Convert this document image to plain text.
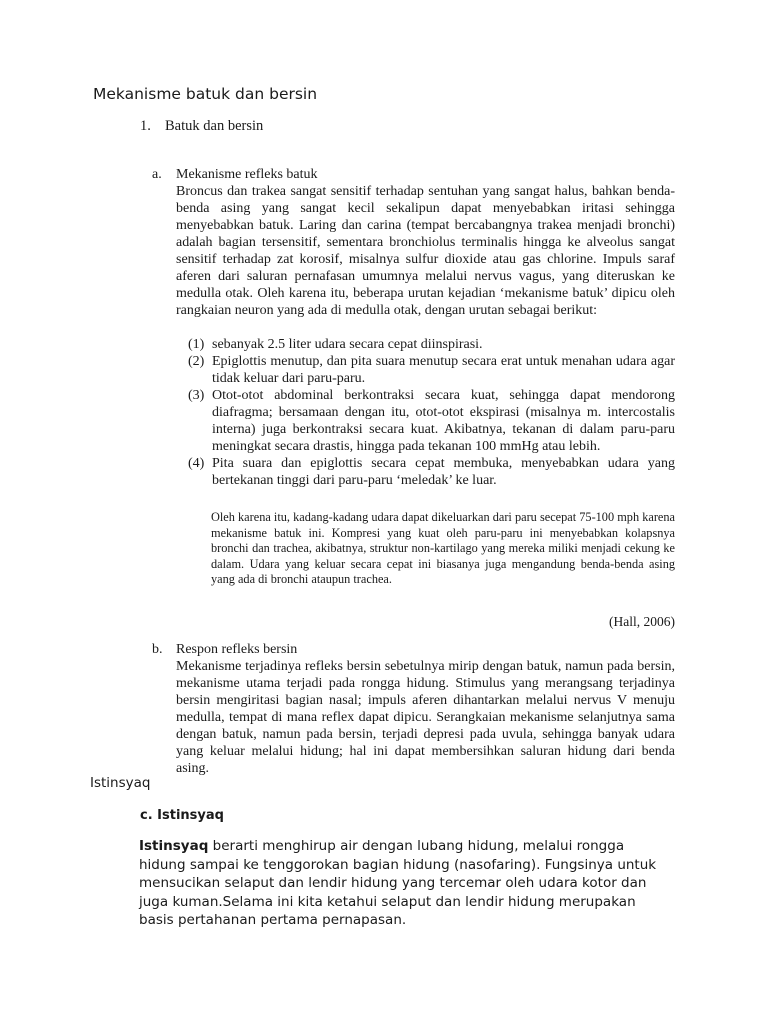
Mekanisme batuk dan bersin
1. Batuk dan bersin
a. Mekanisme refleks batuk
Broncus dan trakea sangat sensitif terhadap sentuhan yang sangat halus, bahkan benda-benda asing yang sangat kecil sekalipun dapat menyebabkan iritasi sehingga menyebabkan batuk. Laring dan carina (tempat bercabangnya trakea menjadi bronchi) adalah bagian tersensitif, sementara bronchiolus terminalis hingga ke alveolus sangat sensitif terhadap zat korosif, misalnya sulfur dioxide atau gas chlorine. Impuls saraf aferen dari saluran pernafasan umumnya melalui nervus vagus, yang diteruskan ke medulla otak. Oleh karena itu, beberapa urutan kejadian ‘mekanisme batuk’ dipicu oleh rangkaian neuron yang ada di medulla otak, dengan urutan sebagai berikut:
(1) sebanyak 2.5 liter udara secara cepat diinspirasi.
(2) Epiglottis menutup, dan pita suara menutup secara erat untuk menahan udara agar tidak keluar dari paru-paru.
(3) Otot-otot abdominal berkontraksi secara kuat, sehingga dapat mendorong diafragma; bersamaan dengan itu, otot-otot ekspirasi (misalnya m. intercostalis interna) juga berkontraksi secara kuat. Akibatnya, tekanan di dalam paru-paru meningkat secara drastis, hingga pada tekanan 100 mmHg atau lebih.
(4) Pita suara dan epiglottis secara cepat membuka, menyebabkan udara yang bertekanan tinggi dari paru-paru ‘meledak’ ke luar.
Oleh karena itu, kadang-kadang udara dapat dikeluarkan dari paru secepat 75-100 mph karena mekanisme batuk ini. Kompresi yang kuat oleh paru-paru ini menyebabkan kolapsnya bronchi dan trachea, akibatnya, struktur non-kartilago yang mereka miliki menjadi cekung ke dalam. Udara yang keluar secara cepat ini biasanya juga mengandung benda-benda asing yang ada di bronchi ataupun trachea.
(Hall, 2006)
b. Respon refleks bersin
Mekanisme terjadinya refleks bersin sebetulnya mirip dengan batuk, namun pada bersin, mekanisme utama terjadi pada rongga hidung. Stimulus yang merangsang terjadinya bersin mengiritasi bagian nasal; impuls aferen dihantarkan melalui nervus V menuju medulla, tempat di mana reflex dapat dipicu. Serangkaian mekanisme selanjutnya sama dengan batuk, namun pada bersin, terjadi depresi pada uvula, sehingga banyak udara yang keluar melalui hidung; hal ini dapat membersihkan saluran hidung dari benda asing.
Istinsyaq
c. Istinsyaq
Istinsyaq berarti menghirup air dengan lubang hidung, melalui rongga hidung sampai ke tenggorokan bagian hidung (nasofaring). Fungsinya untuk mensucikan selaput dan lendir hidung yang tercemar oleh udara kotor dan juga kuman.Selama ini kita ketahui selaput dan lendir hidung merupakan basis pertahanan pertama pernapasan.
